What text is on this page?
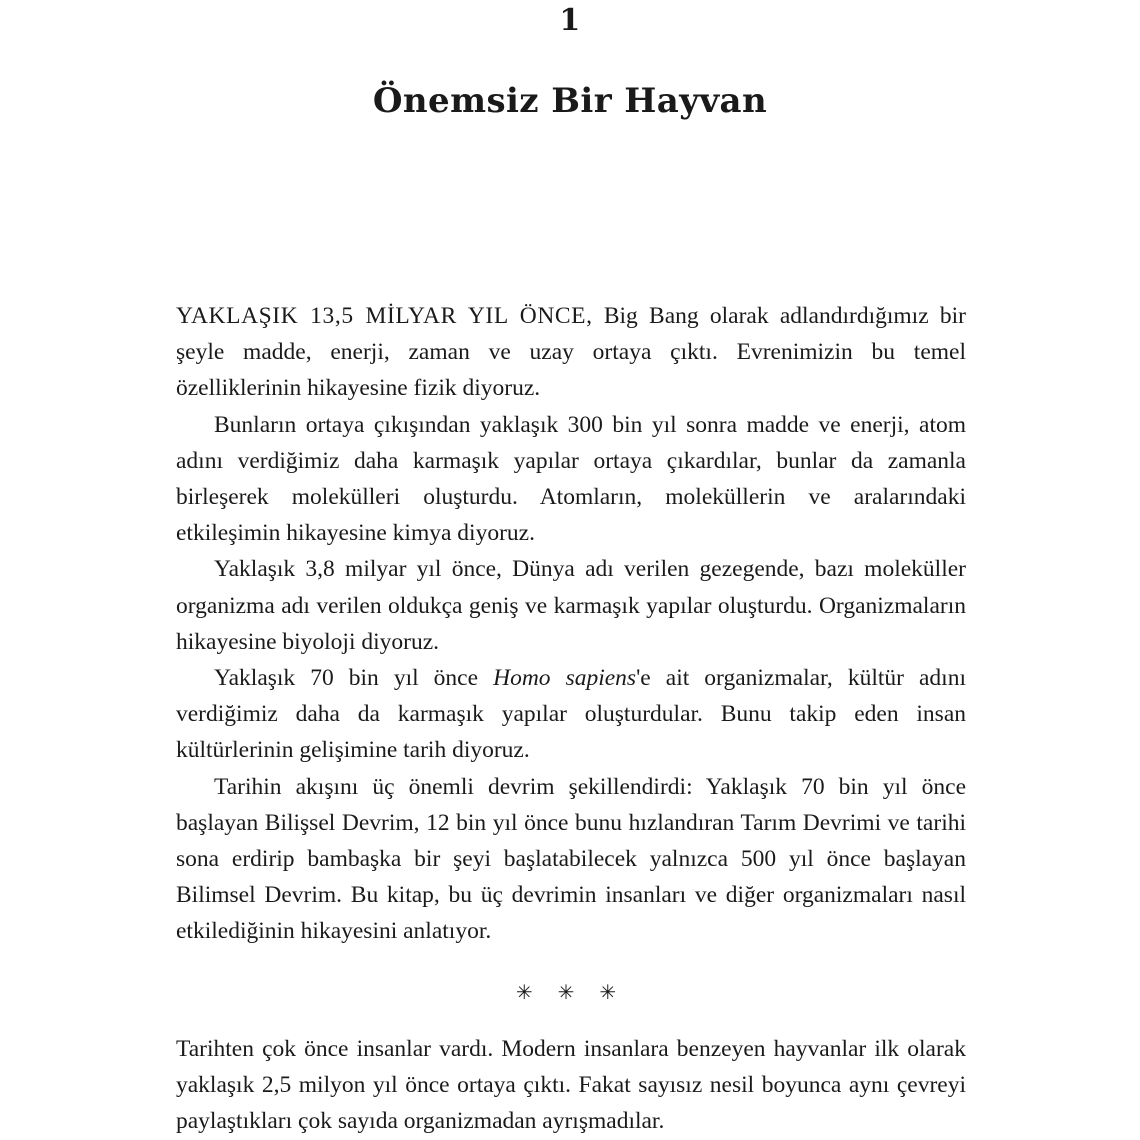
1
Önemsiz Bir Hayvan

YAKLAŞIK 13,5 MİLYAR YIL ÖNCE, Big Bang olarak adlandırdığımız bir şeyle madde, enerji, zaman ve uzay ortaya çıktı. Evrenimizin bu temel özelliklerinin hikayesine fizik diyoruz.

Bunların ortaya çıkışından yaklaşık 300 bin yıl sonra madde ve enerji, atom adını verdiğimiz daha karmaşık yapılar ortaya çıkardılar, bunlar da zamanla birleşerek molekülleri oluşturdu. Atomların, moleküllerin ve aralarındaki etkileşimin hikayesine kimya diyoruz.

Yaklaşık 3,8 milyar yıl önce, Dünya adı verilen gezegende, bazı moleküller organizma adı verilen oldukça geniş ve karmaşık yapılar oluşturdu. Organizmaların hikayesine biyoloji diyoruz.

Yaklaşık 70 bin yıl önce Homo sapiens'e ait organizmalar, kültür adını verdiğimiz daha da karmaşık yapılar oluşturdular. Bunu takip eden insan kültürlerinin gelişimine tarih diyoruz.

Tarihin akışını üç önemli devrim şekillendirdi: Yaklaşık 70 bin yıl önce başlayan Bilişsel Devrim, 12 bin yıl önce bunu hızlandıran Tarım Devrimi ve tarihi sona erdirip bambaşka bir şeyi başlatabilecek yalnızca 500 yıl önce başlayan Bilimsel Devrim. Bu kitap, bu üç devrimin insanları ve diğer organizmaları nasıl etkilediğinin hikayesini anlatıyor.

✳ ✳ ✳

Tarihten çok önce insanlar vardı. Modern insanlara benzeyen hayvanlar ilk olarak yaklaşık 2,5 milyon yıl önce ortaya çıktı. Fakat sayısız nesil boyunca aynı çevreyi paylaştıkları çok sayıda organizmadan ayrışmadılar.
